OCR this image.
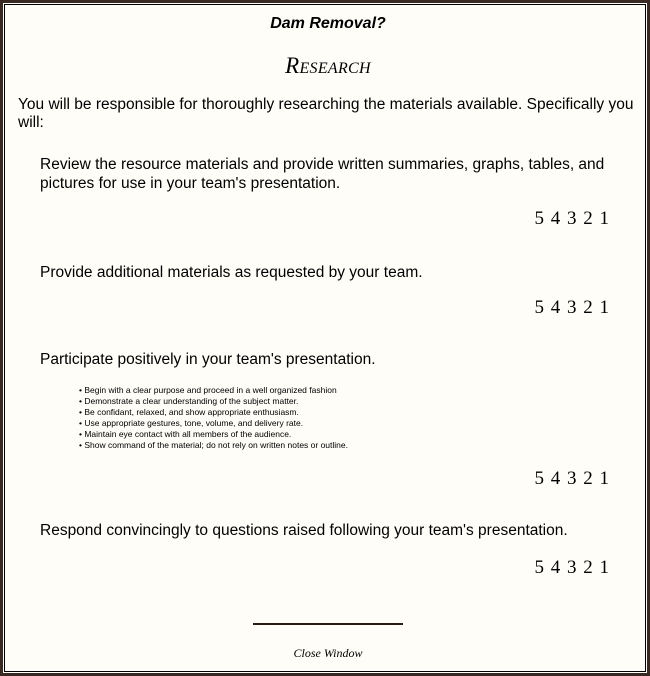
Dam Removal?
Research
You will be responsible for thoroughly researching the materials available. Specifically you will:
Review the resource materials and provide written summaries, graphs, tables, and pictures for use in your team's presentation.
5 4 3 2 1
Provide additional materials as requested by your team.
5 4 3 2 1
Participate positively in your team's presentation.
• Begin with a clear purpose and proceed in a well organized fashion
• Demonstrate a clear understanding of the subject matter.
• Be confidant, relaxed, and show appropriate enthusiasm.
• Use appropriate gestures, tone, volume, and delivery rate.
• Maintain eye contact with all members of the audience.
• Show command of the material; do not rely on written notes or outline.
5 4 3 2 1
Respond convincingly to questions raised following your team's presentation.
5 4 3 2 1
Close Window
